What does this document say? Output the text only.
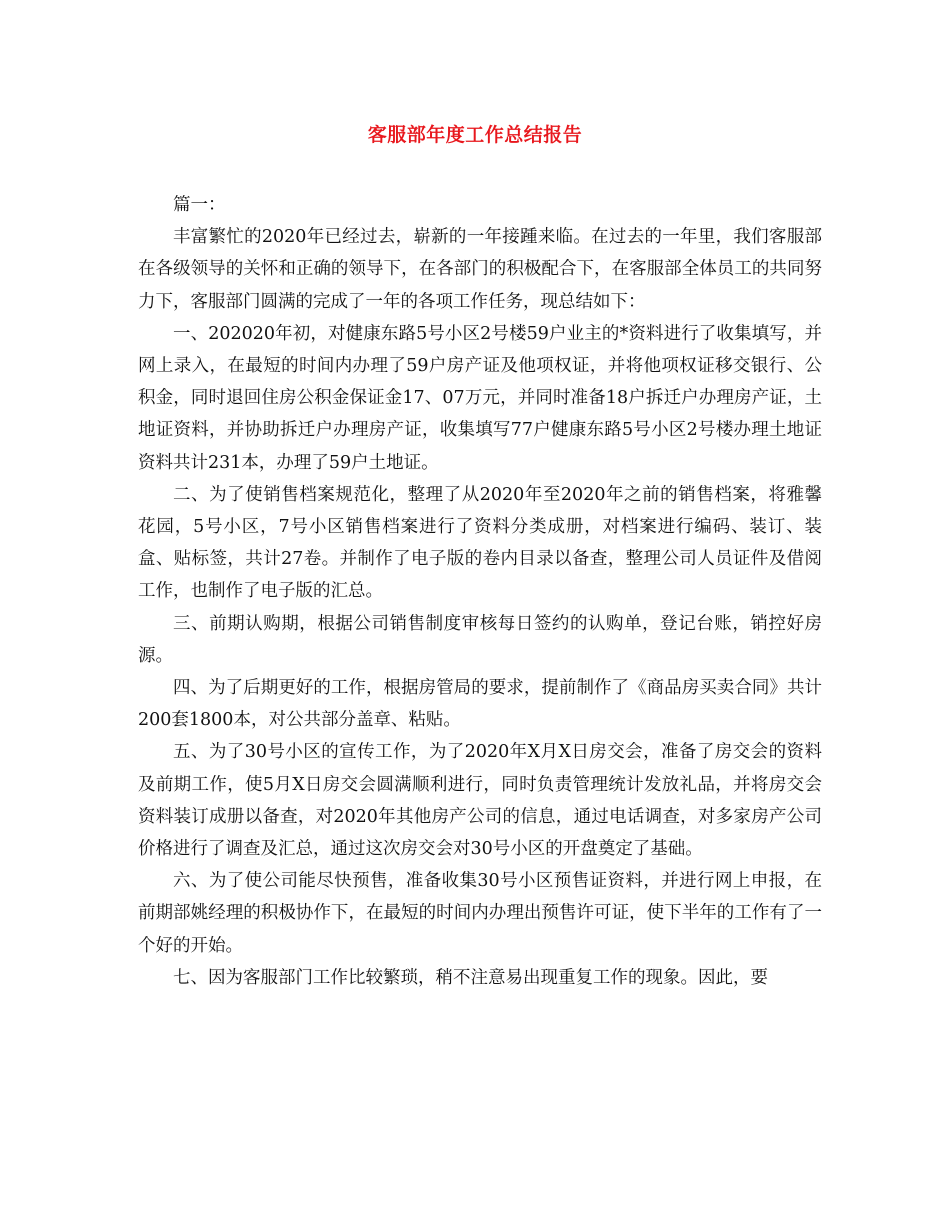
客服部年度工作总结报告

篇一：

丰富繁忙的2020年已经过去，崭新的一年接踵来临。在过去的一年里，我们客服部在各级领导的关怀和正确的领导下，在各部门的积极配合下，在客服部全体员工的共同努力下，客服部门圆满的完成了一年的各项工作任务，现总结如下：

一、202020年初，对健康东路5号小区2号楼59户业主的*资料进行了收集填写，并网上录入，在最短的时间内办理了59户房产证及他项权证，并将他项权证移交银行、公积金，同时退回住房公积金保证金17、07万元，并同时准备18户拆迁户办理房产证，土地证资料，并协助拆迁户办理房产证，收集填写77户健康东路5号小区2号楼办理土地证资料共计231本，办理了59户土地证。

二、为了使销售档案规范化，整理了从2020年至2020年之前的销售档案，将雅馨花园，5号小区，7号小区销售档案进行了资料分类成册，对档案进行编码、装订、装盒、贴标签，共计27卷。并制作了电子版的卷内目录以备查，整理公司人员证件及借阅工作，也制作了电子版的汇总。

三、前期认购期，根据公司销售制度审核每日签约的认购单，登记台账，销控好房源。

四、为了后期更好的工作，根据房管局的要求，提前制作了《商品房买卖合同》共计200套1800本，对公共部分盖章、粘贴。

五、为了30号小区的宣传工作，为了2020年X月X日房交会，准备了房交会的资料及前期工作，使5月X日房交会圆满顺利进行，同时负责管理统计发放礼品，并将房交会资料装订成册以备查，对2020年其他房产公司的信息，通过电话调查，对多家房产公司价格进行了调查及汇总，通过这次房交会对30号小区的开盘奠定了基础。

六、为了使公司能尽快预售，准备收集30号小区预售证资料，并进行网上申报，在前期部姚经理的积极协作下，在最短的时间内办理出预售许可证，使下半年的工作有了一个好的开始。

七、因为客服部门工作比较繁琐，稍不注意易出现重复工作的现象。因此，要
